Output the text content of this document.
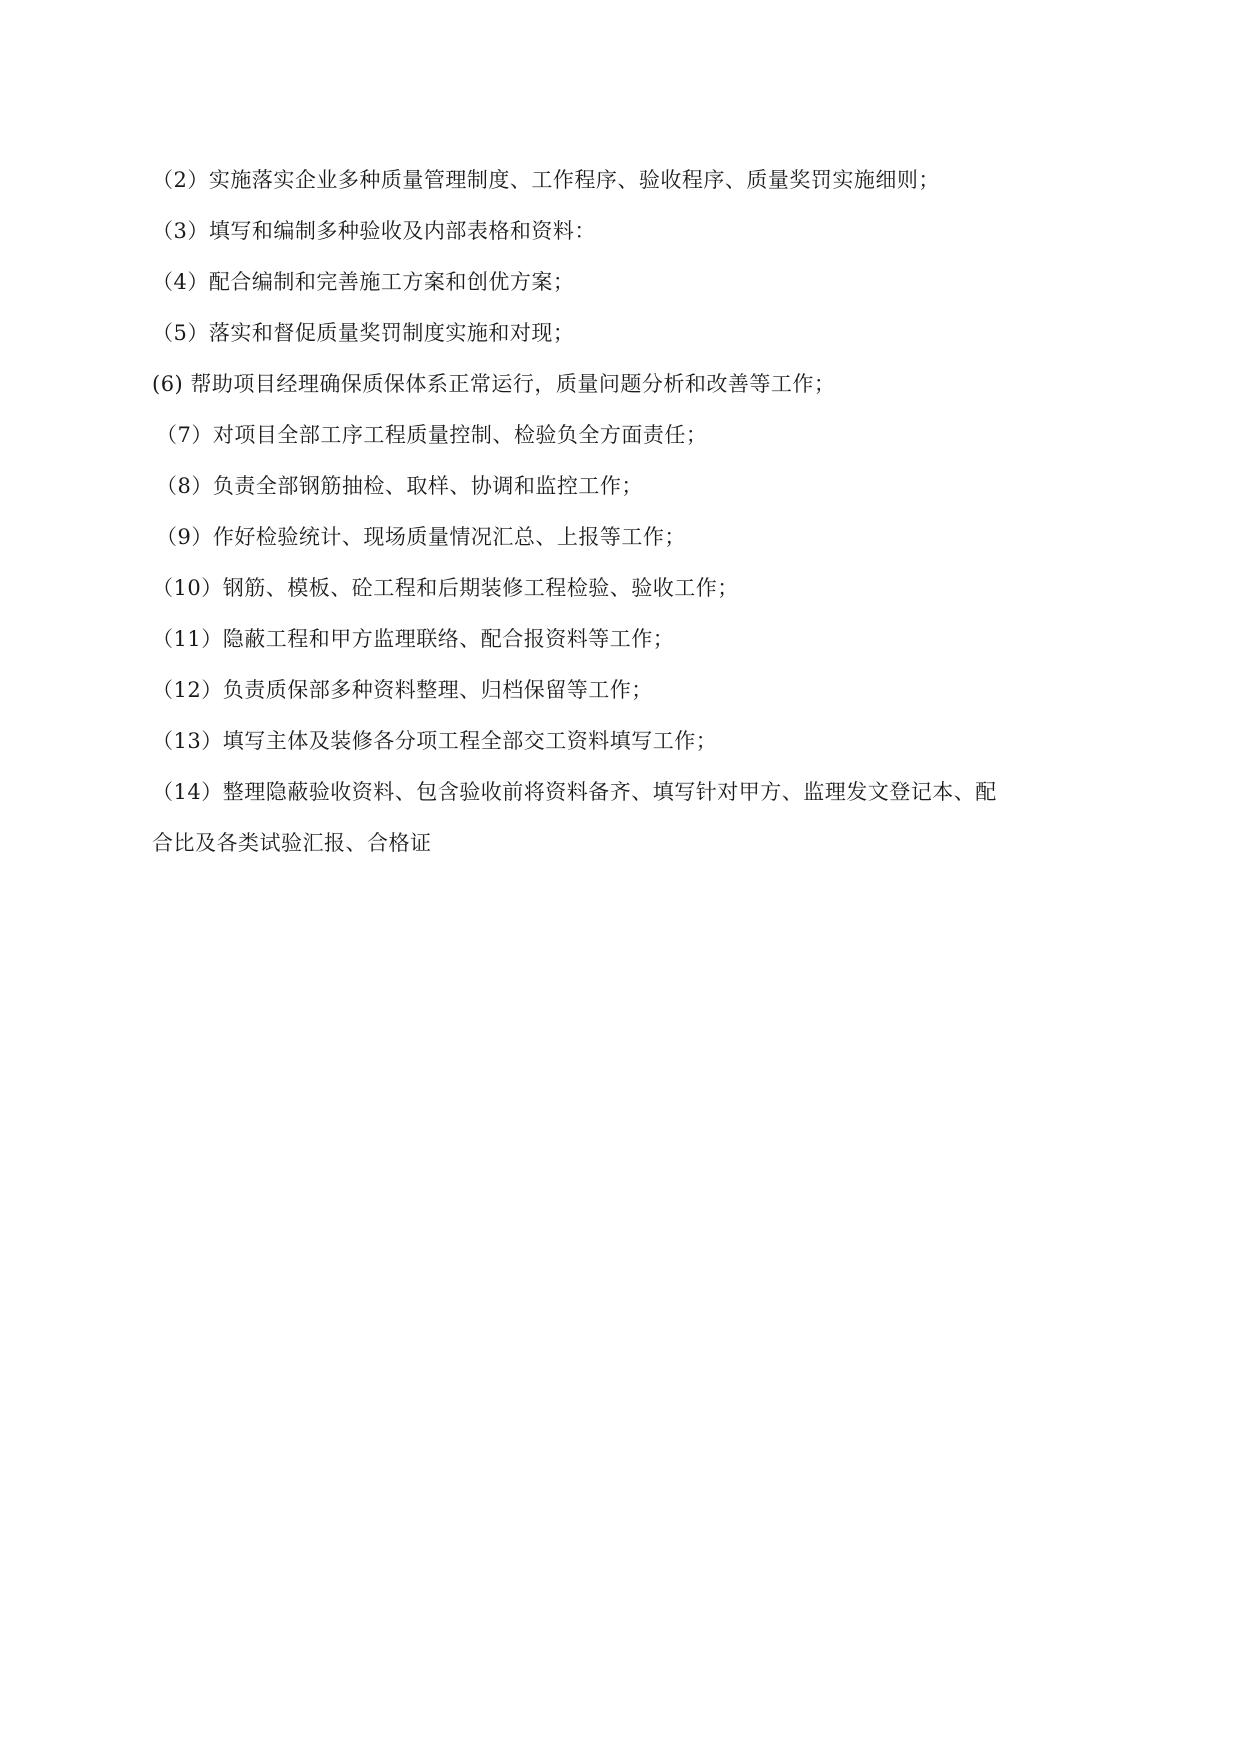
（2）实施落实企业多种质量管理制度、工作程序、验收程序、质量奖罚实施细则；
（3）填写和编制多种验收及内部表格和资料：
（4）配合编制和完善施工方案和创优方案；
（5）落实和督促质量奖罚制度实施和对现；
(6) 帮助项目经理确保质保体系正常运行，质量问题分析和改善等工作；
（7）对项目全部工序工程质量控制、检验负全方面责任；
（8）负责全部钢筋抽检、取样、协调和监控工作；
（9）作好检验统计、现场质量情况汇总、上报等工作；
（10）钢筋、模板、砼工程和后期装修工程检验、验收工作；
（11）隐蔽工程和甲方监理联络、配合报资料等工作；
（12）负责质保部多种资料整理、归档保留等工作；
（13）填写主体及装修各分项工程全部交工资料填写工作；
（14）整理隐蔽验收资料、包含验收前将资料备齐、填写针对甲方、监理发文登记本、配
合比及各类试验汇报、合格证
